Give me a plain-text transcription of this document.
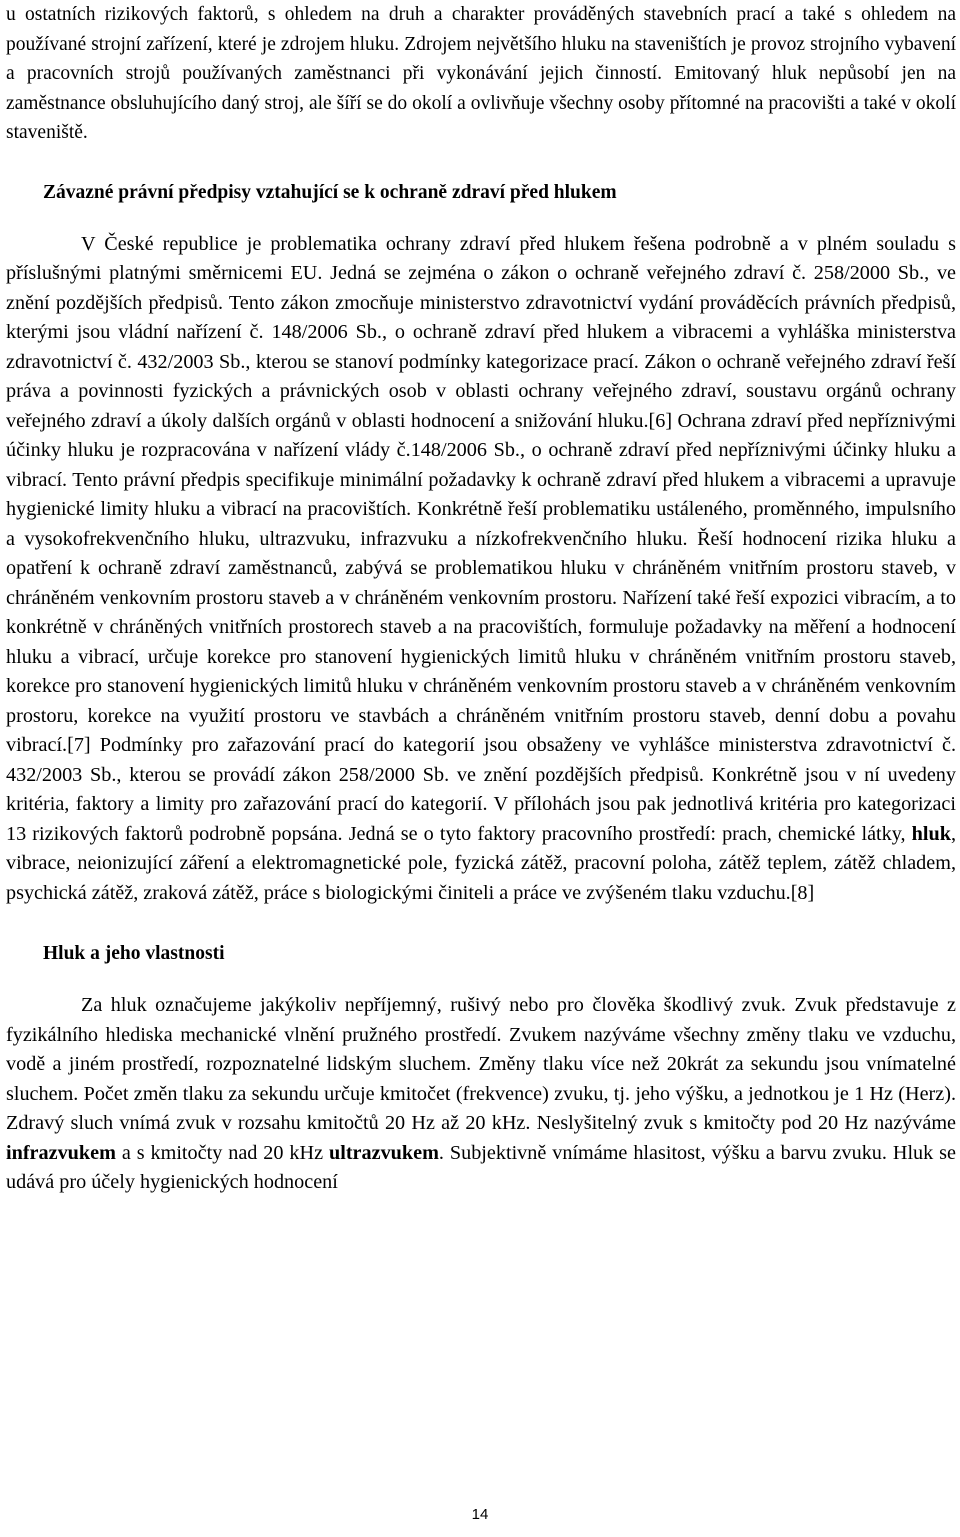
u ostatních rizikových faktorů, s ohledem na druh a charakter prováděných stavebních prací a také s ohledem na používané strojní zařízení, které je zdrojem hluku. Zdrojem největšího hluku na staveništích je provoz strojního vybavení a pracovních strojů používaných zaměstnanci při vykonávání jejich činností. Emitovaný hluk nepůsobí jen na zaměstnance obsluhujícího daný stroj, ale šíří se do okolí a ovlivňuje všechny osoby přítomné na pracovišti a také v okolí staveniště.

Závazné právní předpisy vztahující se k ochraně zdraví před hlukem

V České republice je problematika ochrany zdraví před hlukem řešena podrobně a v plném souladu s příslušnými platnými směrnicemi EU. Jedná se zejména o zákon o ochraně veřejného zdraví č. 258/2000 Sb., ve znění pozdějších předpisů. Tento zákon zmocňuje ministerstvo zdravotnictví vydání prováděcích právních předpisů, kterými jsou vládní nařízení č. 148/2006 Sb., o ochraně zdraví před hlukem a vibracemi a vyhláška ministerstva zdravotnictví č. 432/2003 Sb., kterou se stanoví podmínky kategorizace prací. Zákon o ochraně veřejného zdraví řeší práva a povinnosti fyzických a právnických osob v oblasti ochrany veřejného zdraví, soustavu orgánů ochrany veřejného zdraví a úkoly dalších orgánů v oblasti hodnocení a snižování hluku.[6] Ochrana zdraví před nepříznivými účinky hluku je rozpracována v nařízení vlády č.148/2006 Sb., o ochraně zdraví před nepříznivými účinky hluku a vibrací. Tento právní předpis specifikuje minimální požadavky k ochraně zdraví před hlukem a vibracemi a upravuje hygienické limity hluku a vibrací na pracovištích. Konkrétně řeší problematiku ustáleného, proměnného, impulsního a vysokofrekvenčního hluku, ultrazvuku, infrazvuku a nízkofrekvenčního hluku. Řeší hodnocení rizika hluku a opatření k ochraně zdraví zaměstnanců, zabývá se problematikou hluku v chráněném vnitřním prostoru staveb, v chráněném venkovním prostoru staveb a v chráněném venkovním prostoru. Nařízení také řeší expozici vibracím, a to konkrétně v chráněných vnitřních prostorech staveb a na pracovištích, formuluje požadavky na měření a hodnocení hluku a vibrací, určuje korekce pro stanovení hygienických limitů hluku v chráněném vnitřním prostoru staveb, korekce pro stanovení hygienických limitů hluku v chráněném venkovním prostoru staveb a v chráněném venkovním prostoru, korekce na využití prostoru ve stavbách a chráněném vnitřním prostoru staveb, denní dobu a povahu vibrací.[7] Podmínky pro zařazování prací do kategorií jsou obsaženy ve vyhlášce ministerstva zdravotnictví č. 432/2003 Sb., kterou se provádí zákon 258/2000 Sb. ve znění pozdějších předpisů. Konkrétně jsou v ní uvedeny kritéria, faktory a limity pro zařazování prací do kategorií. V přílohách jsou pak jednotlivá kritéria pro kategorizaci 13 rizikových faktorů podrobně popsána. Jedná se o tyto faktory pracovního prostředí: prach, chemické látky, hluk, vibrace, neionizující záření a elektromagnetické pole, fyzická zátěž, pracovní poloha, zátěž teplem, zátěž chladem, psychická zátěž, zraková zátěž, práce s biologickými činiteli a práce ve zvýšeném tlaku vzduchu.[8]

Hluk a jeho vlastnosti

Za hluk označujeme jakýkoliv nepříjemný, rušivý nebo pro člověka škodlivý zvuk. Zvuk představuje z fyzikálního hlediska mechanické vlnění pružného prostředí. Zvukem nazýváme všechny změny tlaku ve vzduchu, vodě a jiném prostředí, rozpoznatelné lidským sluchem. Změny tlaku více než 20krát za sekundu jsou vnímatelné sluchem. Počet změn tlaku za sekundu určuje kmitočet (frekvence) zvuku, tj. jeho výšku, a jednotkou je 1 Hz (Herz). Zdravý sluch vnímá zvuk v rozsahu kmitočtů 20 Hz až 20 kHz. Neslyšitelný zvuk s kmitočty pod 20 Hz nazýváme infrazvukem a s kmitočty nad 20 kHz ultrazvukem. Subjektivně vnímáme hlasitost, výšku a barvu zvuku. Hluk se udává pro účely hygienických hodnocení

14
